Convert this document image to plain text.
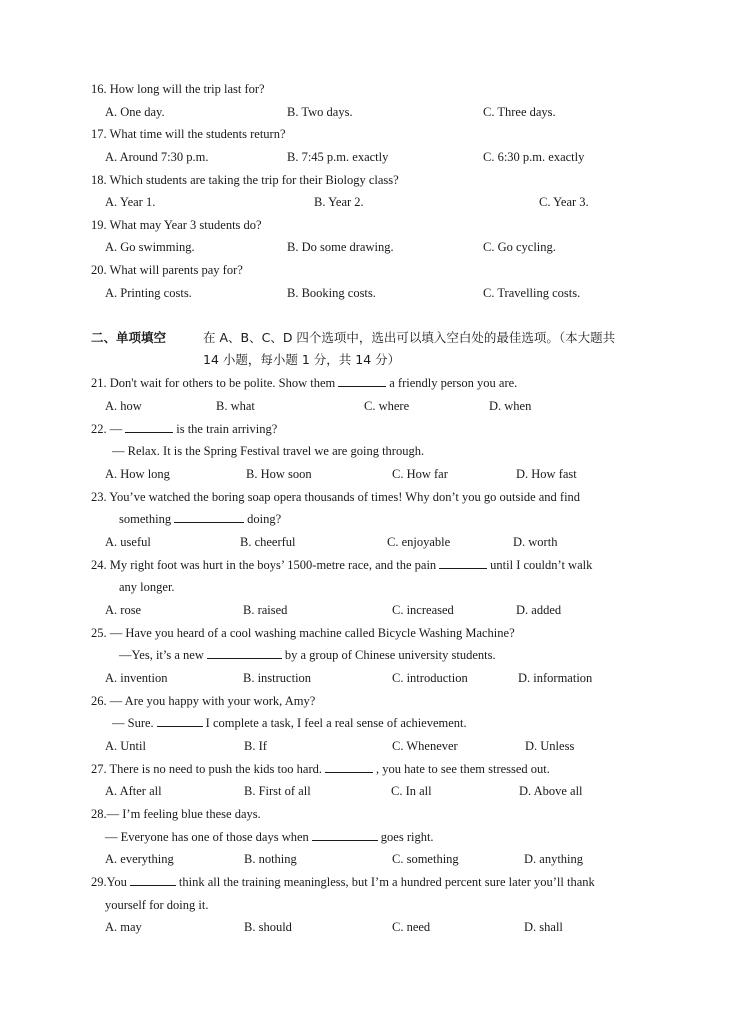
16. How long will the trip last for?
A. One day.	B. Two days.	C. Three days.
17. What time will the students return?
A. Around 7:30 p.m.	B. 7:45 p.m. exactly	C. 6:30 p.m. exactly
18. Which students are taking the trip for their Biology class?
A. Year 1.	B. Year 2.	C. Year 3.
19. What may Year 3 students do?
A. Go swimming.	B. Do some drawing.	C. Go cycling.
20. What will parents pay for?
A. Printing costs.	B. Booking costs.	C. Travelling costs.
二、单项填空	在 A、B、C、D 四个选项中，选出可以填入空白处的最佳选项。（本大题共
14 小题，每小题 1 分，共 14 分）
21. Don't wait for others to be polite. Show them	a friendly person you are.
A. how	B. what	C. where	D. when
22. —	is the train arriving?
— Relax. It is the Spring Festival travel we are going through.
A. How long	B. How soon	C. How far	D. How fast
23. You’ve watched the boring soap opera thousands of times! Why don’t you go outside and find
something	doing?
A. useful	B. cheerful	C. enjoyable	D. worth
24. My right foot was hurt in the boys’ 1500-metre race, and the pain	until I couldn’t walk
any longer.
A. rose	B. raised	C. increased	D. added
25. — Have you heard of a cool washing machine called Bicycle Washing Machine?
—Yes, it’s a new	by a group of Chinese university students.
A. invention	B. instruction	C. introduction	D. information
26. — Are you happy with your work, Amy?
— Sure.	I complete a task, I feel a real sense of achievement.
A. Until	B. If	C. Whenever	D. Unless
27. There is no need to push the kids too hard.	, you hate to see them stressed out.
A. After all	B. First of all	C. In all	D. Above all
28.— I’m feeling blue these days.
— Everyone has one of those days when	goes right.
A. everything	B. nothing	C. something	D. anything
29.You	think all the training meaningless, but I’m a hundred percent sure later you’ll thank
yourself for doing it.
A. may	B. should	C. need	D. shall
